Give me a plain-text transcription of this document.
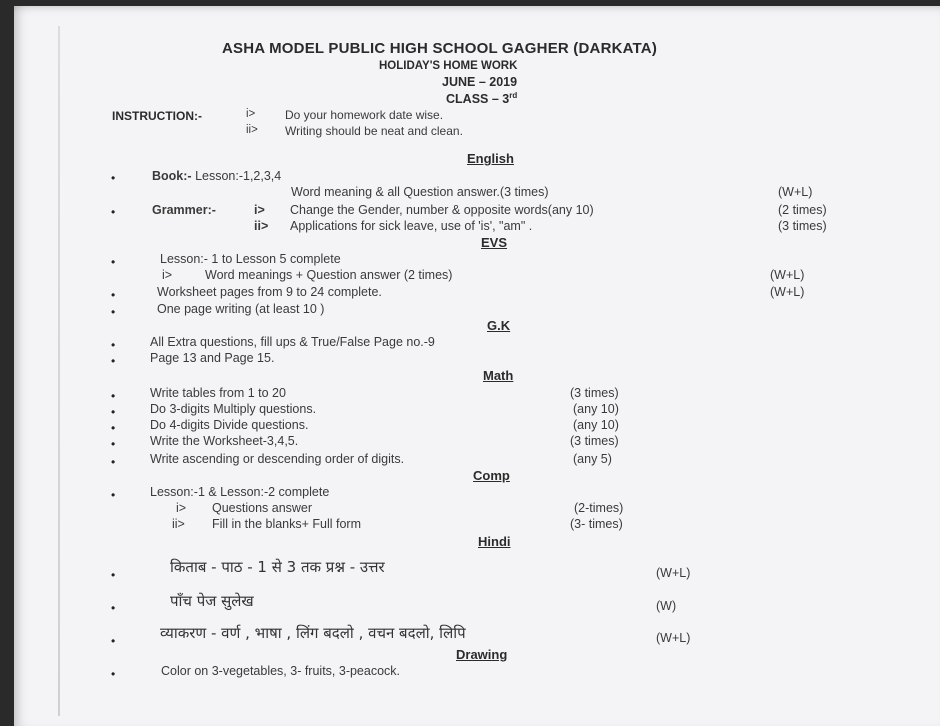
ASHA MODEL PUBLIC HIGH SCHOOL GAGHER (DARKATA)
HOLIDAY'S HOME WORK
JUNE – 2019
CLASS – 3rd
INSTRUCTION:-	i> Do your homework date wise.
ii> Writing should be neat and clean.
English
•	Book:- Lesson:-1,2,3,4
Word meaning & all Question answer.(3 times)	(W+L)
•	Grammer:-	i> Change the Gender, number & opposite words(any 10)	(2 times)
ii> Applications for sick leave, use of 'is', "am" .	(3 times)
EVS
•	Lesson:- 1 to Lesson 5 complete
i>	Word meanings + Question answer (2 times)	(W+L)
•	Worksheet pages from 9 to 24 complete.	(W+L)
•	One page writing (at least 10 )
G.K
•	All Extra questions, fill ups & True/False Page no.-9
•	Page 13 and Page 15.
Math
•	Write tables from 1 to 20	(3 times)
•	Do 3-digits Multiply questions.	(any 10)
•	Do 4-digits Divide questions.	(any 10)
•	Write the Worksheet-3,4,5.	(3 times)
•	Write ascending or descending order of digits.	(any 5)
Comp
•	Lesson:-1 & Lesson:-2 complete
i> Questions answer	(2-times)
ii> Fill in the blanks+ Full form	(3- times)
Hindi
•	किताब - पाठ - 1 से 3 तक प्रश्न - उत्तर	(W+L)
•	पाँच पेज सुलेख	(W)
•	व्याकरण - वर्ण , भाषा , लिंग बदलो , वचन बदलो, लिपि	(W+L)
Drawing
•	Color on 3-vegetables, 3- fruits, 3-peacock.
